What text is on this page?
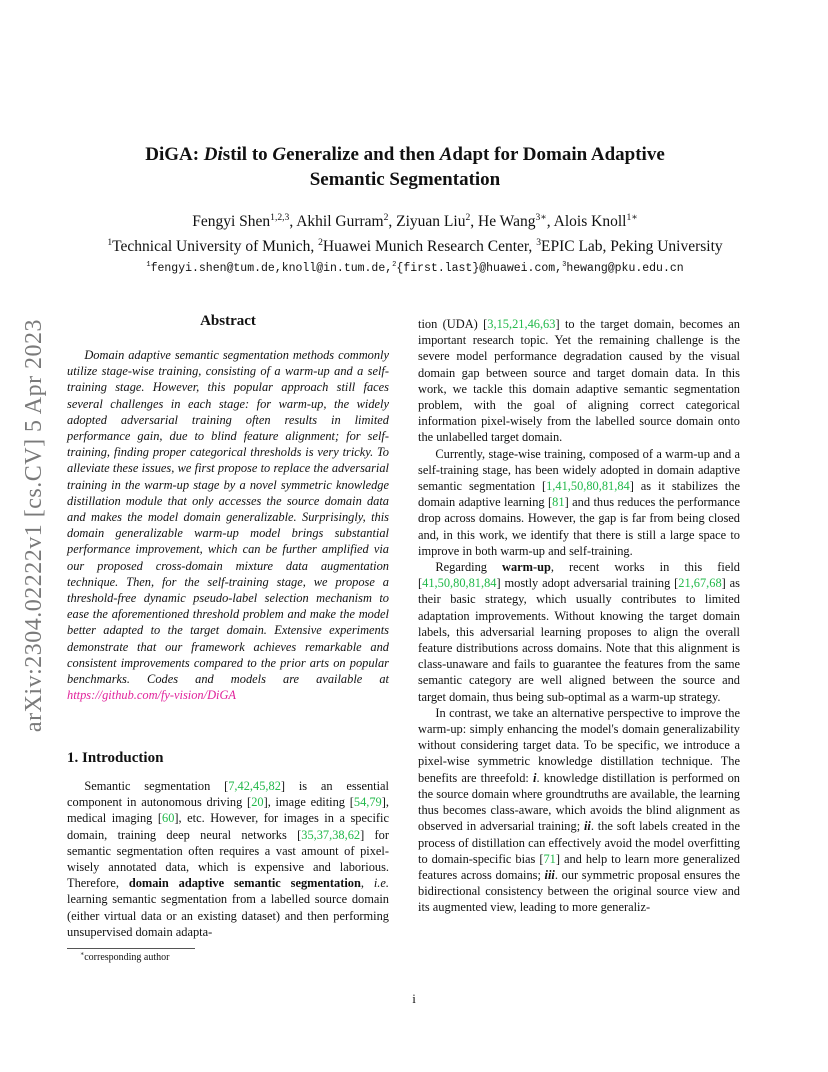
arXiv:2304.02222v1 [cs.CV] 5 Apr 2023
DiGA: Distil to Generalize and then Adapt for Domain Adaptive
Semantic Segmentation
Fengyi Shen$^{1,2,3}$, Akhil Gurram$^2$, Ziyuan Liu$^2$, He Wang$^{3∗}$, Alois Knoll$^{1∗}$
$^1$Technical University of Munich, $^2$Huawei Munich Research Center, $^3$EPIC Lab, Peking University
$^1$fengyi.shen@tum.de,knoll@in.tum.de,$^2${first.last}@huawei.com,$^3$hewang@pku.edu.cn
Abstract

Domain adaptive semantic segmentation methods commonly utilize stage-wise training, consisting of a warm-up and a self-training stage. However, this popular approach still faces several challenges in each stage: for warm-up, the widely adopted adversarial training often results in limited performance gain, due to blind feature alignment; for self-training, finding proper categorical thresholds is very tricky. To alleviate these issues, we first propose to replace the adversarial training in the warm-up stage by a novel symmetric knowledge distillation module that only accesses the source domain data and makes the model domain generalizable. Surprisingly, this domain generalizable warm-up model brings substantial performance improvement, which can be further amplified via our proposed cross-domain mixture data augmentation technique. Then, for the self-training stage, we propose a threshold-free dynamic pseudo-label selection mechanism to ease the aforementioned threshold problem and make the model better adapted to the target domain. Extensive experiments demonstrate that our framework achieves remarkable and consistent improvements compared to the prior arts on popular benchmarks. Codes and models are available at https://github.com/fy-vision/DiGA

1. Introduction

Semantic segmentation [7,42,45,82] is an essential component in autonomous driving [20], image editing [54,79], medical imaging [60], etc. However, for images in a specific domain, training deep neural networks [35,37,38,62] for semantic segmentation often requires a vast amount of pixel-wisely annotated data, which is expensive and laborious. Therefore, domain adaptive semantic segmentation, i.e. learning semantic segmentation from a labelled source domain (either virtual data or an existing dataset) and then performing unsupervised domain adapta-

tion (UDA) [3,15,21,46,63] to the target domain, becomes an important research topic. Yet the remaining challenge is the severe model performance degradation caused by the visual domain gap between source and target domain data. In this work, we tackle this domain adaptive semantic segmentation problem, with the goal of aligning correct categorical information pixel-wisely from the labelled source domain onto the unlabelled target domain.

Currently, stage-wise training, composed of a warm-up and a self-training stage, has been widely adopted in domain adaptive semantic segmentation [1,41,50,80,81,84] as it stabilizes the domain adaptive learning [81] and thus reduces the performance drop across domains. However, the gap is far from being closed and, in this work, we identify that there is still a large space to improve in both warm-up and self-training.

Regarding warm-up, recent works in this field [41,50,80,81,84] mostly adopt adversarial training [21,67,68] as their basic strategy, which usually contributes to limited adaptation improvements. Without knowing the target domain labels, this adversarial learning proposes to align the overall feature distributions across domains. Note that this alignment is class-unaware and fails to guarantee the features from the same semantic category are well aligned between the source and target domain, thus being sub-optimal as a warm-up strategy.

In contrast, we take an alternative perspective to improve the warm-up: simply enhancing the model's domain generalizability without considering target data. To be specific, we introduce a pixel-wise symmetric knowledge distillation technique. The benefits are threefold: i. knowledge distillation is performed on the source domain where groundtruths are available, the learning thus becomes class-aware, which avoids the blind alignment as observed in adversarial training; ii. the soft labels created in the process of distillation can effectively avoid the model overfitting to domain-specific bias [71] and help to learn more generalized features across domains; iii. our symmetric proposal ensures the bidirectional consistency between the original source view and its augmented view, leading to more generaliz-

∗corresponding author
i
